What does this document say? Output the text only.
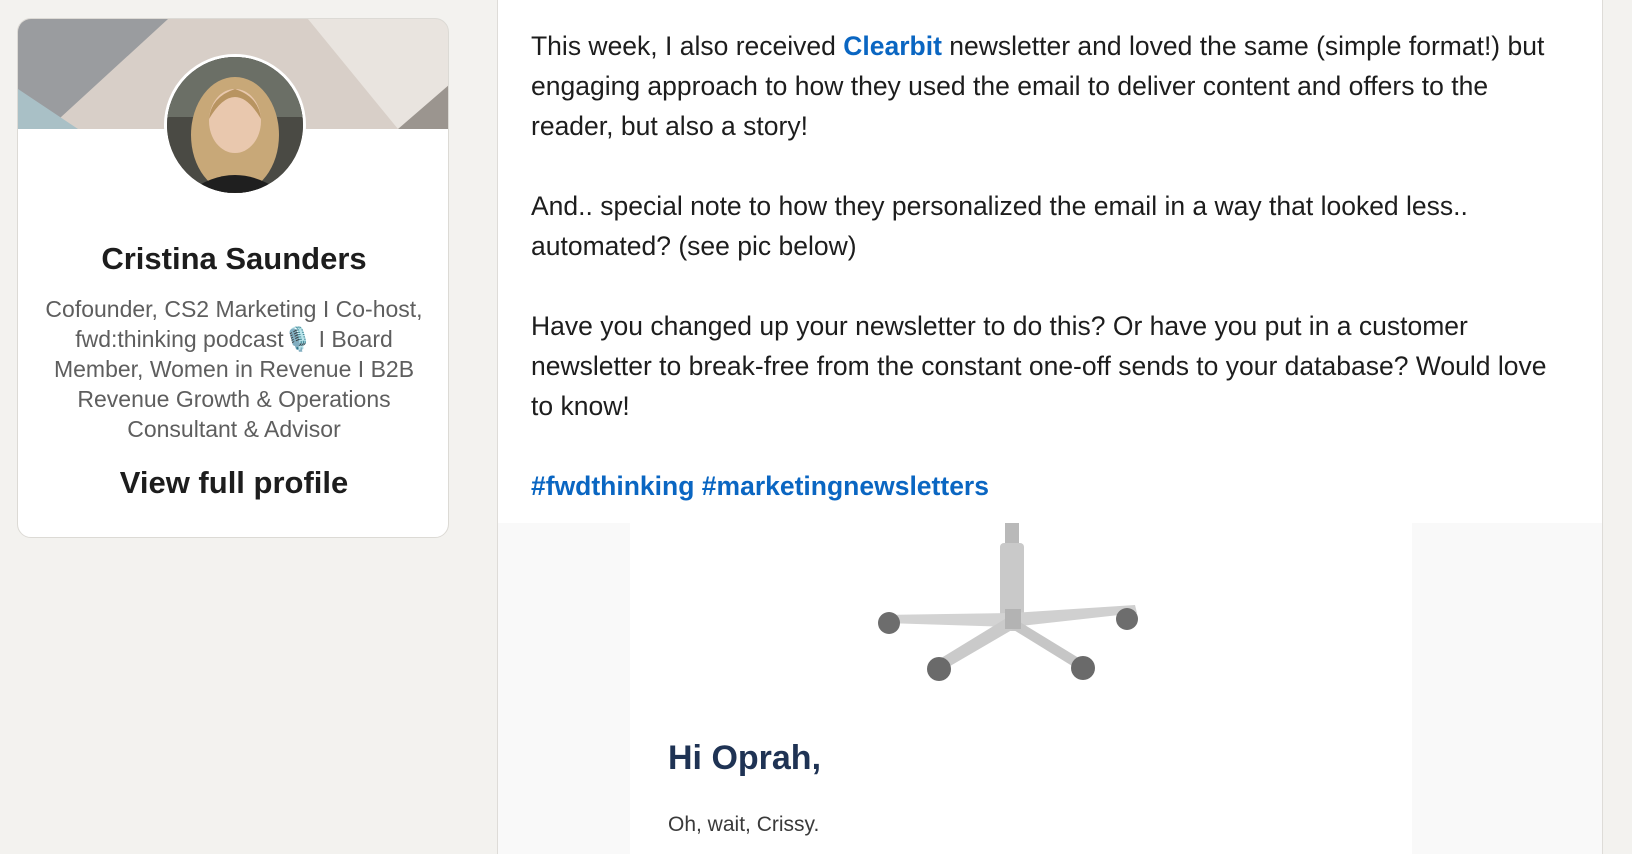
Cristina Saunders
Cofounder, CS2 Marketing I Co-host, fwd:thinking podcast🎙️ I Board Member, Women in Revenue I B2B Revenue Growth & Operations Consultant & Advisor
View full profile

This week, I also received Clearbit newsletter and loved the same (simple format!) but engaging approach to how they used the email to deliver content and offers to the reader, but also a story!

And.. special note to how they personalized the email in a way that looked less.. automated? (see pic below)

Have you changed up your newsletter to do this? Or have you put in a customer newsletter to break-free from the constant one-off sends to your database? Would love to know!

#fwdthinking #marketingnewsletters

Hi Oprah,
Oh, wait, Crissy.
